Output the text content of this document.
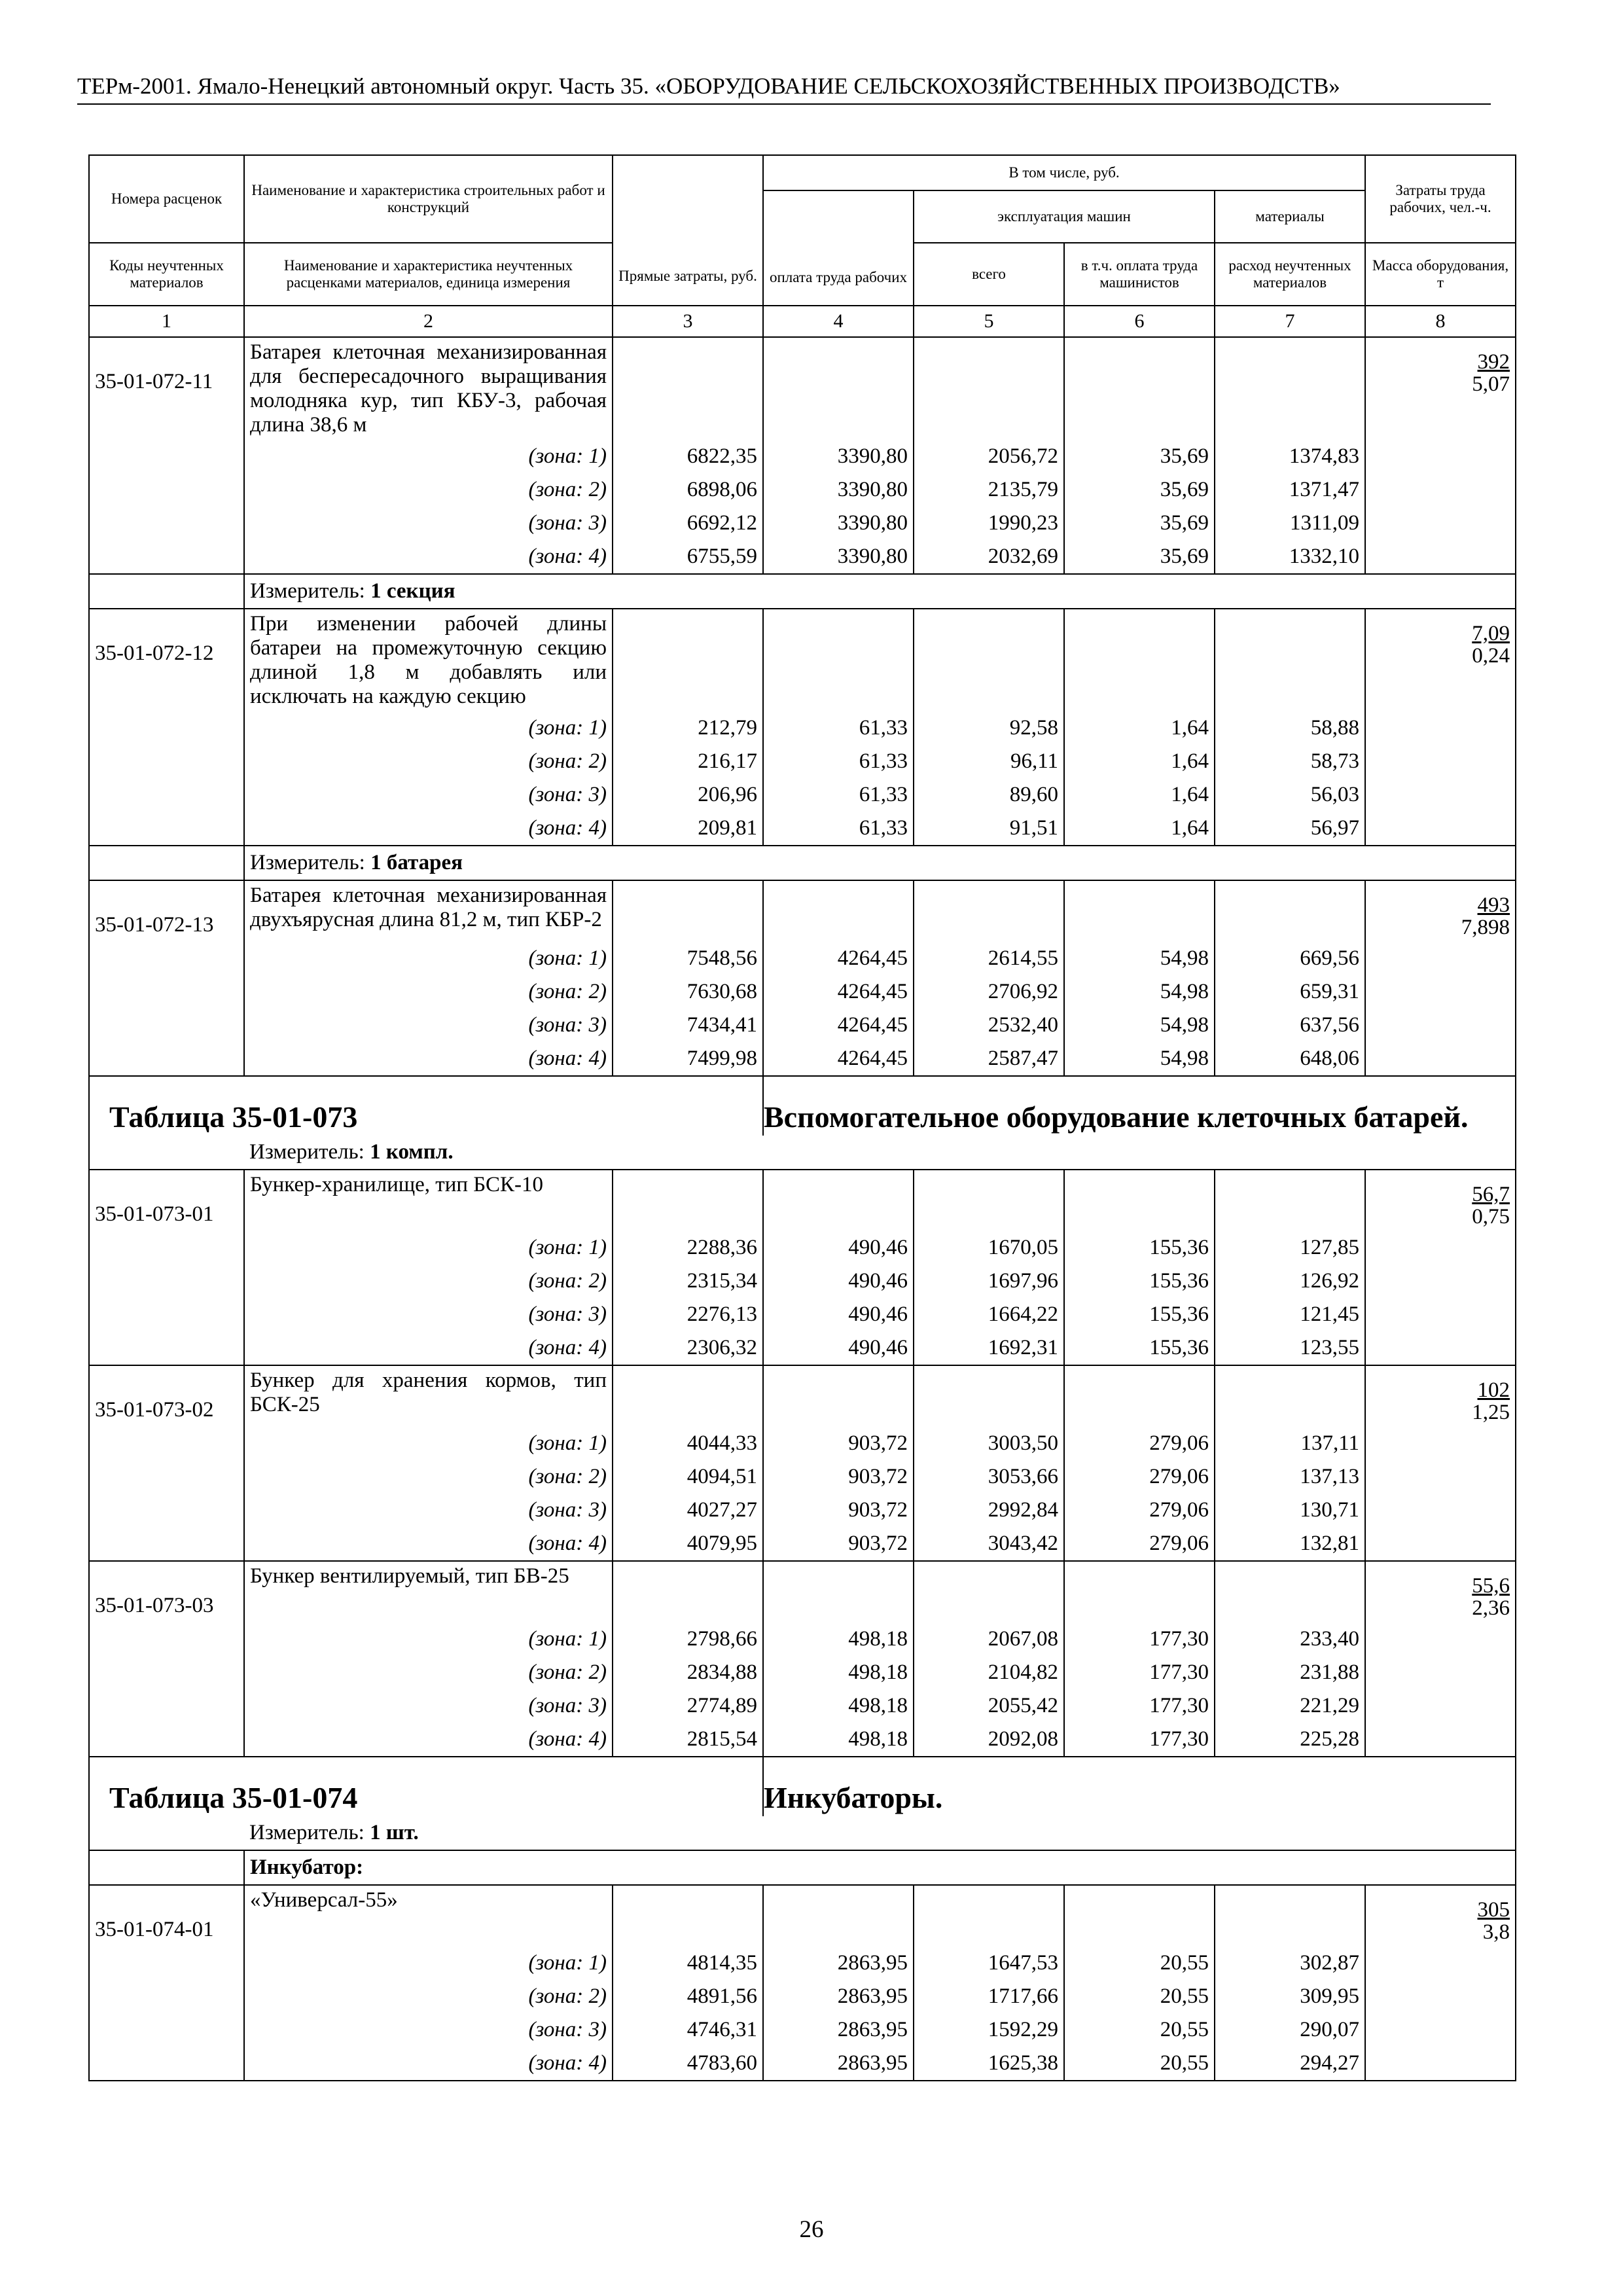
ТЕРм-2001. Ямало-Ненецкий автономный округ. Часть 35. «ОБОРУДОВАНИЕ СЕЛЬСКОХОЗЯЙСТВЕННЫХ ПРОИЗВОДСТВ»
Номера расценок	Наименование и характеристика строительных работ и конструкций	Прямые затраты, руб.	В том числе, руб.				Затраты труда рабочих, чел.-ч.
			оплата труда рабочих	эксплуатация машин		материалы	

Коды неучтенных материалов	Наименование и характеристика неучтенных расценками материалов, единица измерения			всего	в т.ч. оплата труда машинистов	расход неучтенных материалов	Масса оборудования, т
1	2	3	4	5	6	7	8
35-01-072-11	Батарея клеточная механизированная для беспересадочного выращивания молодняка кур, тип КБУ-3, рабочая длина 38,6 м						392
5,07
	(зона: 1)	6822,35	3390,80	2056,72	35,69	1374,83	
	(зона: 2)	6898,06	3390,80	2135,79	35,69	1371,47	
	(зона: 3)	6692,12	3390,80	1990,23	35,69	1311,09	
	(зона: 4)	6755,59	3390,80	2032,69	35,69	1332,10	
	Измеритель: 1 секция						
35-01-072-12	При изменении рабочей длины батареи на промежуточную секцию длиной 1,8 м добавлять или исключать на каждую секцию						7,09
0,24
	(зона: 1)	212,79	61,33	92,58	1,64	58,88	
	(зона: 2)	216,17	61,33	96,11	1,64	58,73	
	(зона: 3)	206,96	61,33	89,60	1,64	56,03	
	(зона: 4)	209,81	61,33	91,51	1,64	56,97	
	Измеритель: 1 батарея						
35-01-072-13	Батарея клеточная механизированная двухъярусная длина 81,2 м, тип КБР-2						493
7,898
	(зона: 1)	7548,56	4264,45	2614,55	54,98	669,56	
	(зона: 2)	7630,68	4264,45	2706,92	54,98	659,31	
	(зона: 3)	7434,41	4264,45	2532,40	54,98	637,56	
	(зона: 4)	7499,98	4264,45	2587,47	54,98	648,06	
Таблица 35-01-073			Вспомогательное оборудование клеточных батарей.				
	Измеритель: 1 компл.						
35-01-073-01	Бункер-хранилище, тип БСК-10						56,7
0,75
	(зона: 1)	2288,36	490,46	1670,05	155,36	127,85	
	(зона: 2)	2315,34	490,46	1697,96	155,36	126,92	
	(зона: 3)	2276,13	490,46	1664,22	155,36	121,45	
	(зона: 4)	2306,32	490,46	1692,31	155,36	123,55	
35-01-073-02	Бункер для хранения кормов, тип БСК-25						102
1,25
	(зона: 1)	4044,33	903,72	3003,50	279,06	137,11	
	(зона: 2)	4094,51	903,72	3053,66	279,06	137,13	
	(зона: 3)	4027,27	903,72	2992,84	279,06	130,71	
	(зона: 4)	4079,95	903,72	3043,42	279,06	132,81	
35-01-073-03	Бункер вентилируемый, тип БВ-25						55,6
2,36
	(зона: 1)	2798,66	498,18	2067,08	177,30	233,40	
	(зона: 2)	2834,88	498,18	2104,82	177,30	231,88	
	(зона: 3)	2774,89	498,18	2055,42	177,30	221,29	
	(зона: 4)	2815,54	498,18	2092,08	177,30	225,28	
Таблица 35-01-074			Инкубаторы.				
	Измеритель: 1 шт.						
	Инкубатор:						
35-01-074-01	«Универсал-55»						305
3,8
	(зона: 1)	4814,35	2863,95	1647,53	20,55	302,87	
	(зона: 2)	4891,56	2863,95	1717,66	20,55	309,95	
	(зона: 3)	4746,31	2863,95	1592,29	20,55	290,07	
	(зона: 4)	4783,60	2863,95	1625,38	20,55	294,27	
26
